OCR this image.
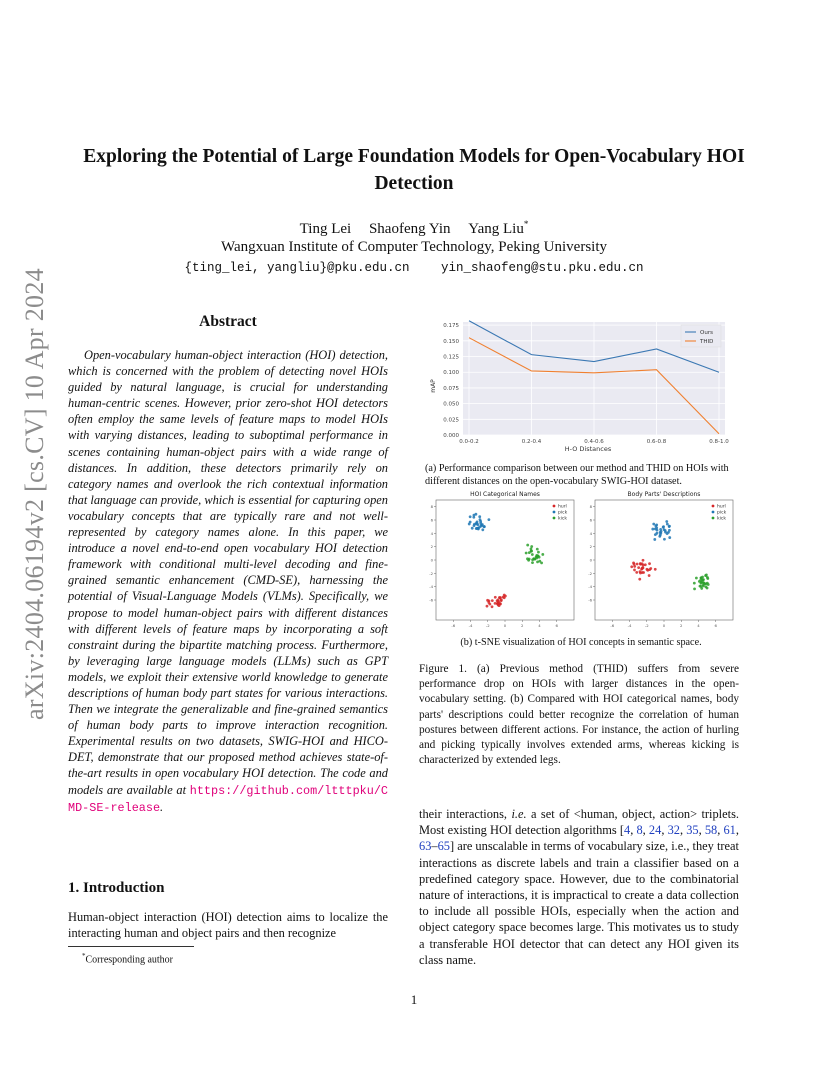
arXiv:2404.06194v2 [cs.CV] 10 Apr 2024
Exploring the Potential of Large Foundation Models for Open-Vocabulary HOI Detection
Ting Lei Shaofeng Yin Yang Liu*
Wangxuan Institute of Computer Technology, Peking University
{ting_lei, yangliu}@pku.edu.cn	yin_shaofeng@stu.pku.edu.cn
Abstract

Open-vocabulary human-object interaction (HOI) detection, which is concerned with the problem of detecting novel HOIs guided by natural language, is crucial for understanding human-centric scenes. However, prior zero-shot HOI detectors often employ the same levels of feature maps to model HOIs with varying distances, leading to suboptimal performance in scenes containing human-object pairs with a wide range of distances. In addition, these detectors primarily rely on category names and overlook the rich contextual information that language can provide, which is essential for capturing open vocabulary concepts that are typically rare and not well-represented by category names alone. In this paper, we introduce a novel end-to-end open vocabulary HOI detection framework with conditional multi-level decoding and fine-grained semantic enhancement (CMD-SE), harnessing the potential of Visual-Language Models (VLMs). Specifically, we propose to model human-object pairs with different distances with different levels of feature maps by incorporating a soft constraint during the bipartite matching process. Furthermore, by leveraging large language models (LLMs) such as GPT models, we exploit their extensive world knowledge to generate descriptions of human body part states for various interactions. Then we integrate the generalizable and fine-grained semantics of human body parts to improve interaction recognition. Experimental results on two datasets, SWIG-HOI and HICO-DET, demonstrate that our proposed method achieves state-of-the-art results in open vocabulary HOI detection. The code and models are available at https://github.com/ltttpku/CMD-SE-release.

1. Introduction
Human-object interaction (HOI) detection aims to localize the interacting human and object pairs and then recognize
*Corresponding author
0.000
0.025
0.050
0.075
0.100
0.125
0.150
0.175
0.0-0.2	0.2-0.4	0.4-0.6	0.6-0.8	0.8-1.0
Ours
THID
H-O Distances
mAP
(a) Performance comparison between our method and THID on HOIs with different distances on the open-vocabulary SWIG-HOI dataset.
HOI Categorical Names
-6	-4	-2	0	2	4	6
8
6
4
2
0
-2
-4
-6
hurl
pick
kick
Body Parts' Descriptions
-6	-4	-2	0	2	4	6
8
6
4
2
0
-2
-4
-6
hurl
pick
kick
(b) t-SNE visualization of HOI concepts in semantic space.
Figure 1. (a) Previous method (THID) suffers from severe performance drop on HOIs with larger distances in the open-vocabulary setting. (b) Compared with HOI categorical names, body parts' descriptions could better recognize the correlation of human postures between different actions. For instance, the action of hurling and picking typically involves extended arms, whereas kicking is characterized by extended legs.
their interactions, i.e. a set of <human, object, action> triplets. Most existing HOI detection algorithms [4, 8, 24, 32, 35, 58, 61, 63–65] are unscalable in terms of vocabulary size, i.e., they treat interactions as discrete labels and train a classifier based on a predefined category space. However, due to the combinatorial nature of interactions, it is impractical to create a data collection to include all possible HOIs, especially when the action and object category space becomes large. This motivates us to study a transferable HOI detector that can detect any HOI given its class name.
1
